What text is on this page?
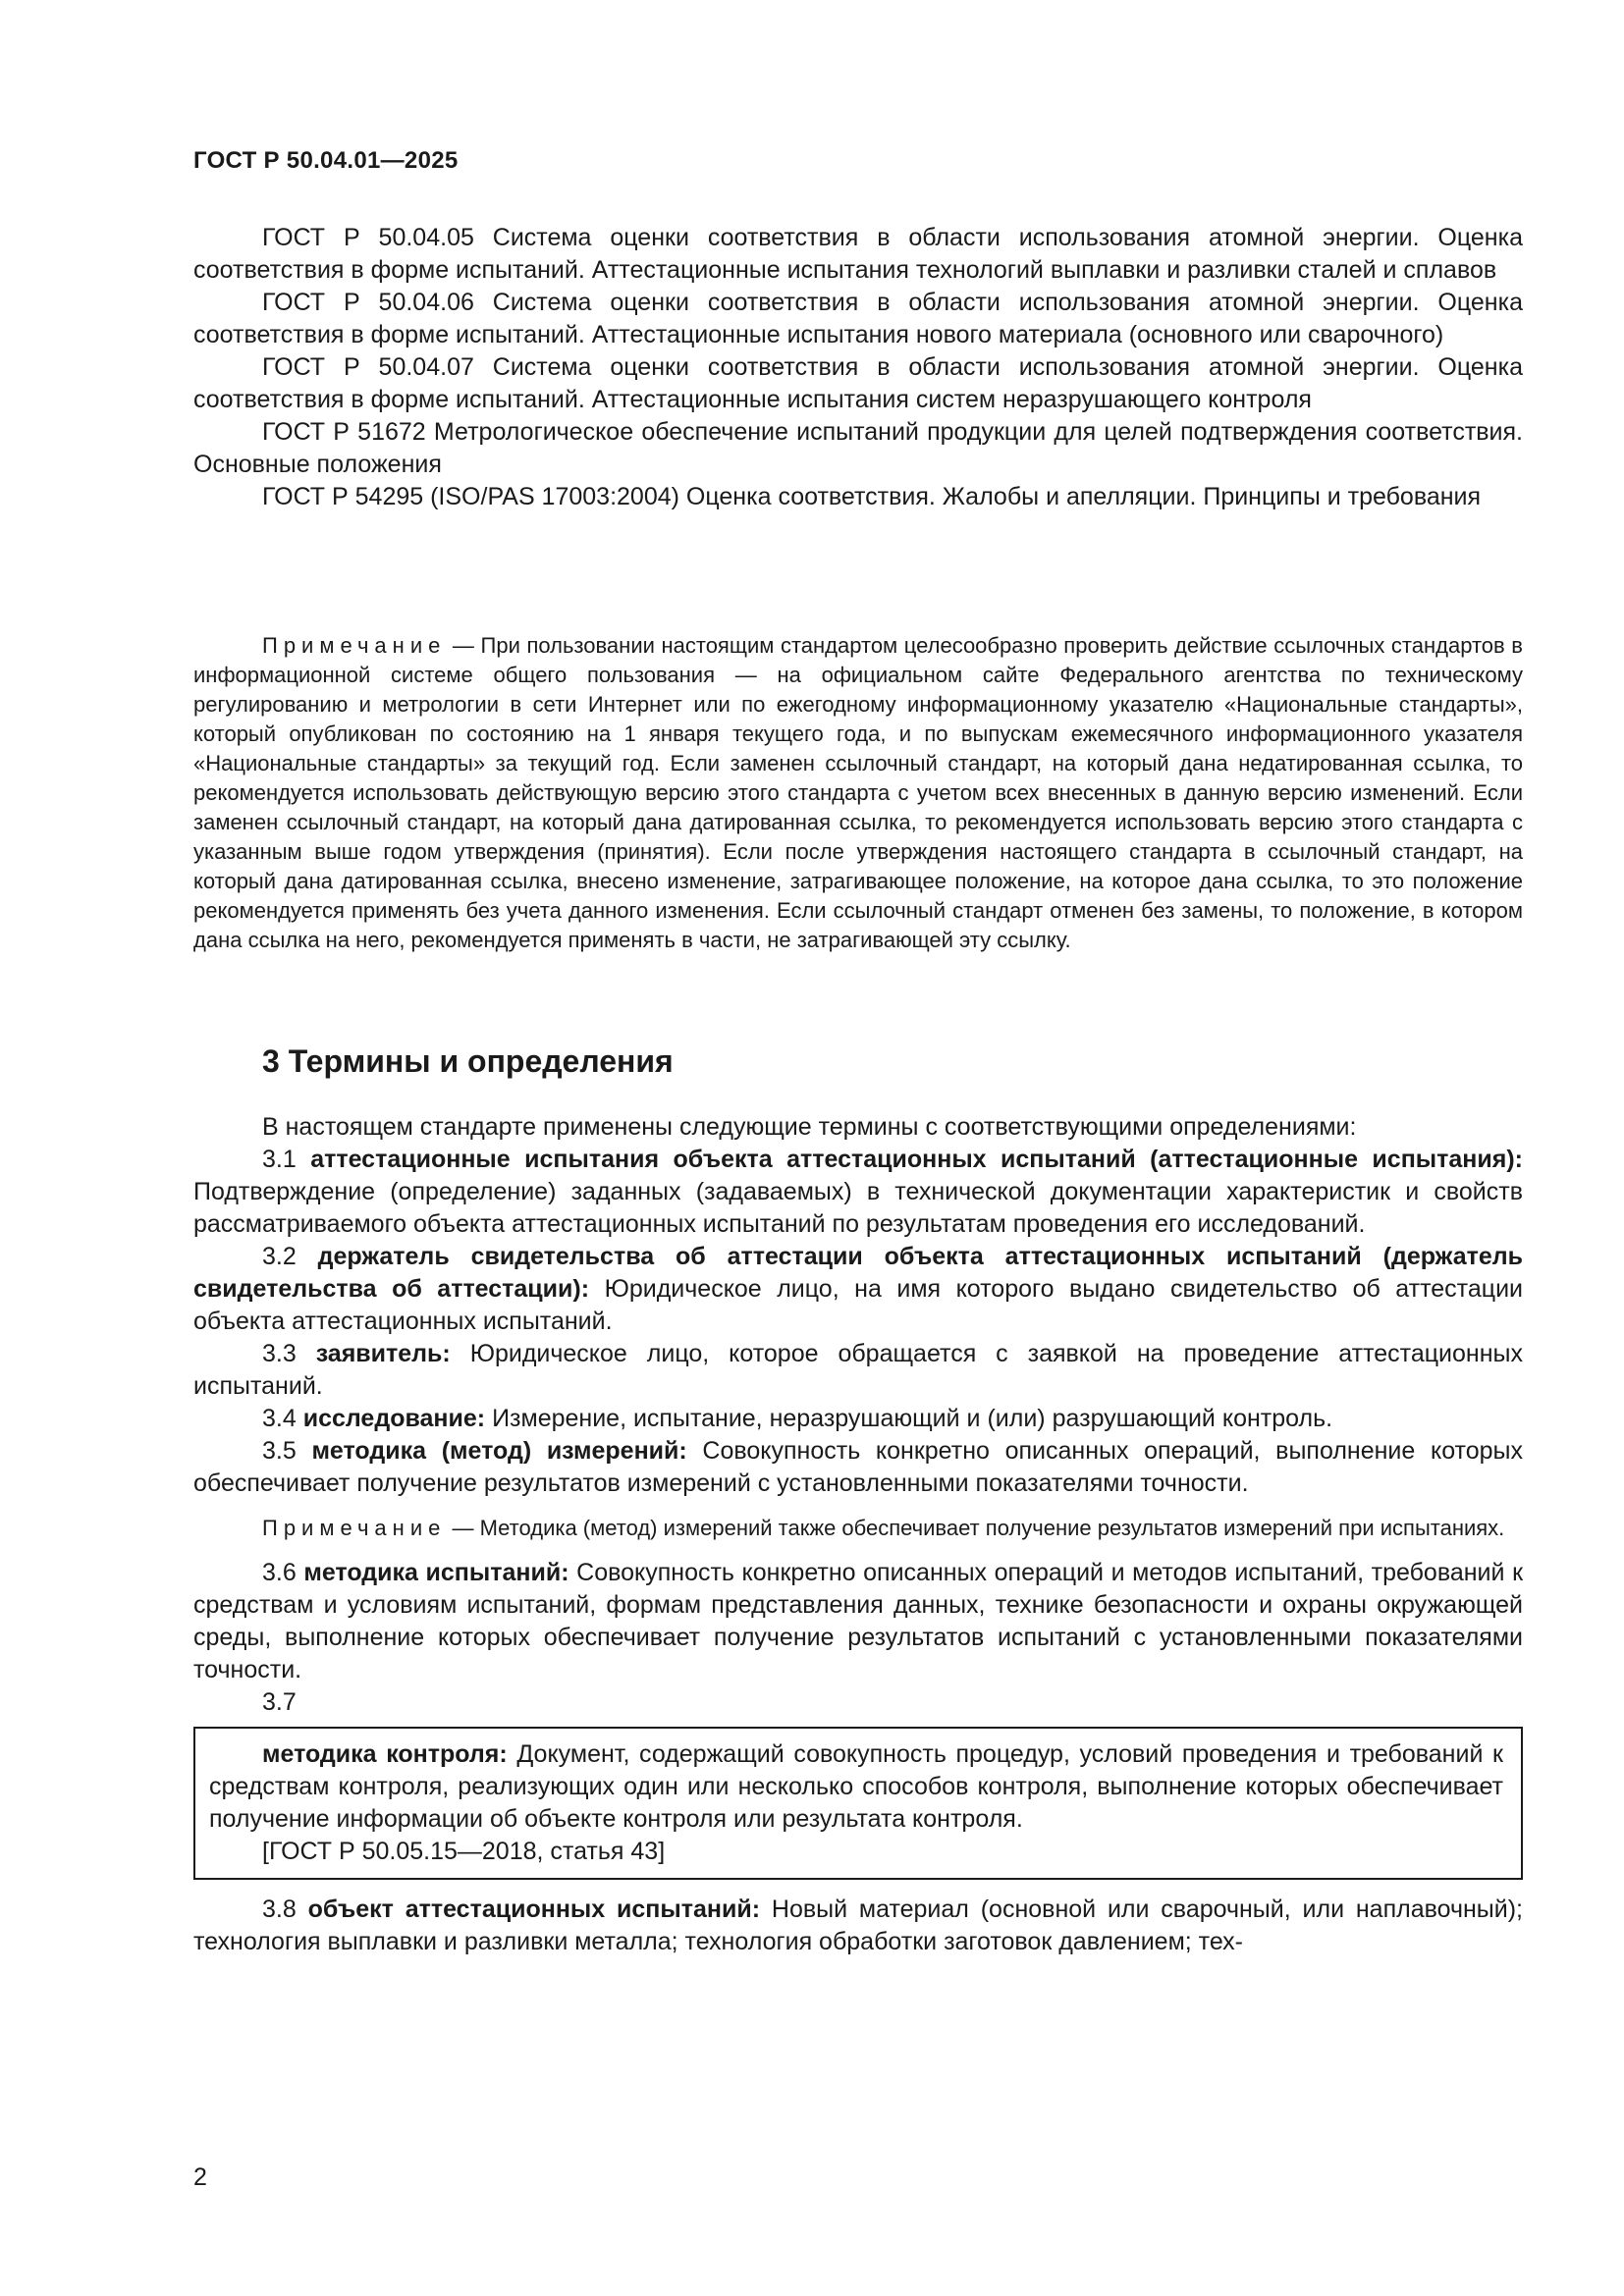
ГОСТ Р 50.04.01—2025

ГОСТ Р 50.04.05 Система оценки соответствия в области использования атомной энергии. Оценка соответствия в форме испытаний. Аттестационные испытания технологий выплавки и разливки сталей и сплавов

ГОСТ Р 50.04.06 Система оценки соответствия в области использования атомной энергии. Оценка соответствия в форме испытаний. Аттестационные испытания нового материала (основного или сварочного)

ГОСТ Р 50.04.07 Система оценки соответствия в области использования атомной энергии. Оценка соответствия в форме испытаний. Аттестационные испытания систем неразрушающего контроля

ГОСТ Р 51672 Метрологическое обеспечение испытаний продукции для целей подтверждения соответствия. Основные положения

ГОСТ Р 54295 (ISO/PAS 17003:2004) Оценка соответствия. Жалобы и апелляции. Принципы и требования

Примечание — При пользовании настоящим стандартом целесообразно проверить действие ссылочных стандартов в информационной системе общего пользования — на официальном сайте Федерального агентства по техническому регулированию и метрологии в сети Интернет или по ежегодному информационному указателю «Национальные стандарты», который опубликован по состоянию на 1 января текущего года, и по выпускам ежемесячного информационного указателя «Национальные стандарты» за текущий год. Если заменен ссылочный стандарт, на который дана недатированная ссылка, то рекомендуется использовать действующую версию этого стандарта с учетом всех внесенных в данную версию изменений. Если заменен ссылочный стандарт, на который дана датированная ссылка, то рекомендуется использовать версию этого стандарта с указанным выше годом утверждения (принятия). Если после утверждения настоящего стандарта в ссылочный стандарт, на который дана датированная ссылка, внесено изменение, затрагивающее положение, на которое дана ссылка, то это положение рекомендуется применять без учета данного изменения. Если ссылочный стандарт отменен без замены, то положение, в котором дана ссылка на него, рекомендуется применять в части, не затрагивающей эту ссылку.
3 Термины и определения

В настоящем стандарте применены следующие термины с соответствующими определениями:

3.1 аттестационные испытания объекта аттестационных испытаний (аттестационные испытания): Подтверждение (определение) заданных (задаваемых) в технической документации характеристик и свойств рассматриваемого объекта аттестационных испытаний по результатам проведения его исследований.

3.2 держатель свидетельства об аттестации объекта аттестационных испытаний (держатель свидетельства об аттестации): Юридическое лицо, на имя которого выдано свидетельство об аттестации объекта аттестационных испытаний.

3.3 заявитель: Юридическое лицо, которое обращается с заявкой на проведение аттестационных испытаний.

3.4 исследование: Измерение, испытание, неразрушающий и (или) разрушающий контроль.

3.5 методика (метод) измерений: Совокупность конкретно описанных операций, выполнение которых обеспечивает получение результатов измерений с установленными показателями точности.

Примечание — Методика (метод) измерений также обеспечивает получение результатов измерений при испытаниях.

3.6 методика испытаний: Совокупность конкретно описанных операций и методов испытаний, требований к средствам и условиям испытаний, формам представления данных, технике безопасности и охраны окружающей среды, выполнение которых обеспечивает получение результатов испытаний с установленными показателями точности.

3.7

методика контроля: Документ, содержащий совокупность процедур, условий проведения и требований к средствам контроля, реализующих один или несколько способов контроля, выполнение которых обеспечивает получение информации об объекте контроля или результата контроля.

[ГОСТ Р 50.05.15—2018, статья 43]

3.8 объект аттестационных испытаний: Новый материал (основной или сварочный, или наплавочный); технология выплавки и разливки металла; технология обработки заготовок давлением; тех-

2
